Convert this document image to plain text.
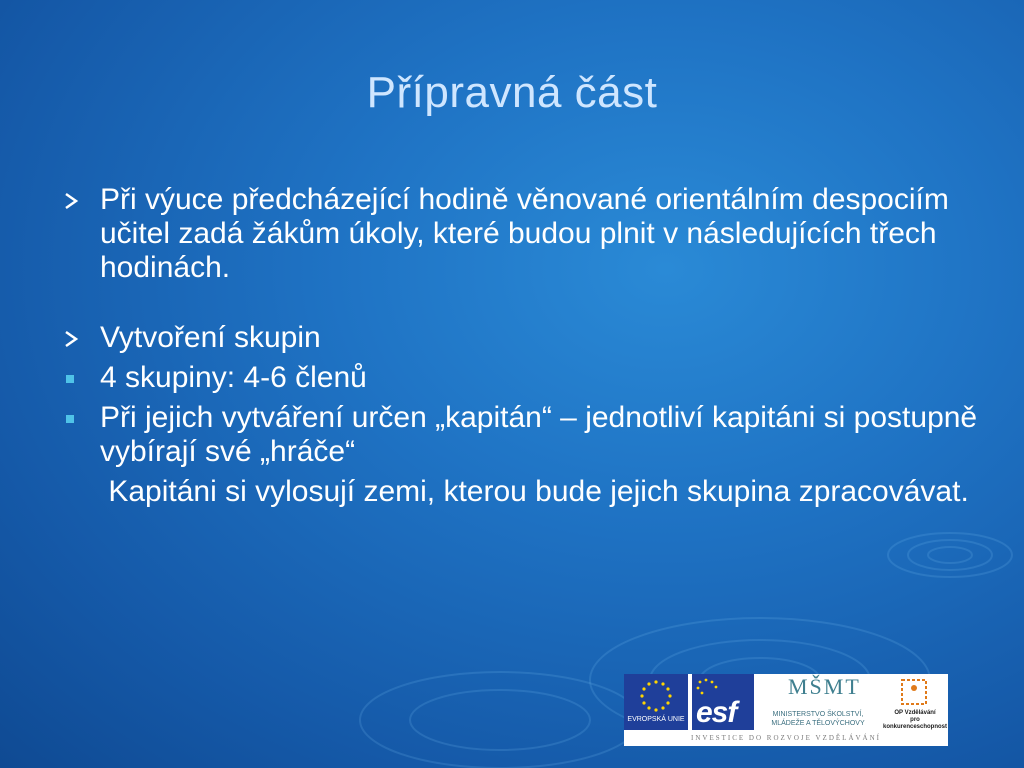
Přípravná část
Při výuce předcházející hodině věnované orientálním despociím učitel zadá žákům úkoly, které budou plnit v následujících třech hodinách.
Vytvoření skupin
4 skupiny: 4-6 členů
Při jejich vytváření určen „kapitán“ – jednotliví kapitáni si postupně vybírají své „hráče“
Kapitáni si vylosují zemi, kterou bude jejich skupina zpracovávat.
EVROPSKÁ UNIE esf
MŠMT
MINISTERSTVO ŠKOLSTVÍ,
MLÁDEŽE A TĚLOVÝCHOVY
OP Vzdělávání
pro konkurenceschopnost
INVESTICE DO ROZVOJE VZDĚLÁVÁNÍ
